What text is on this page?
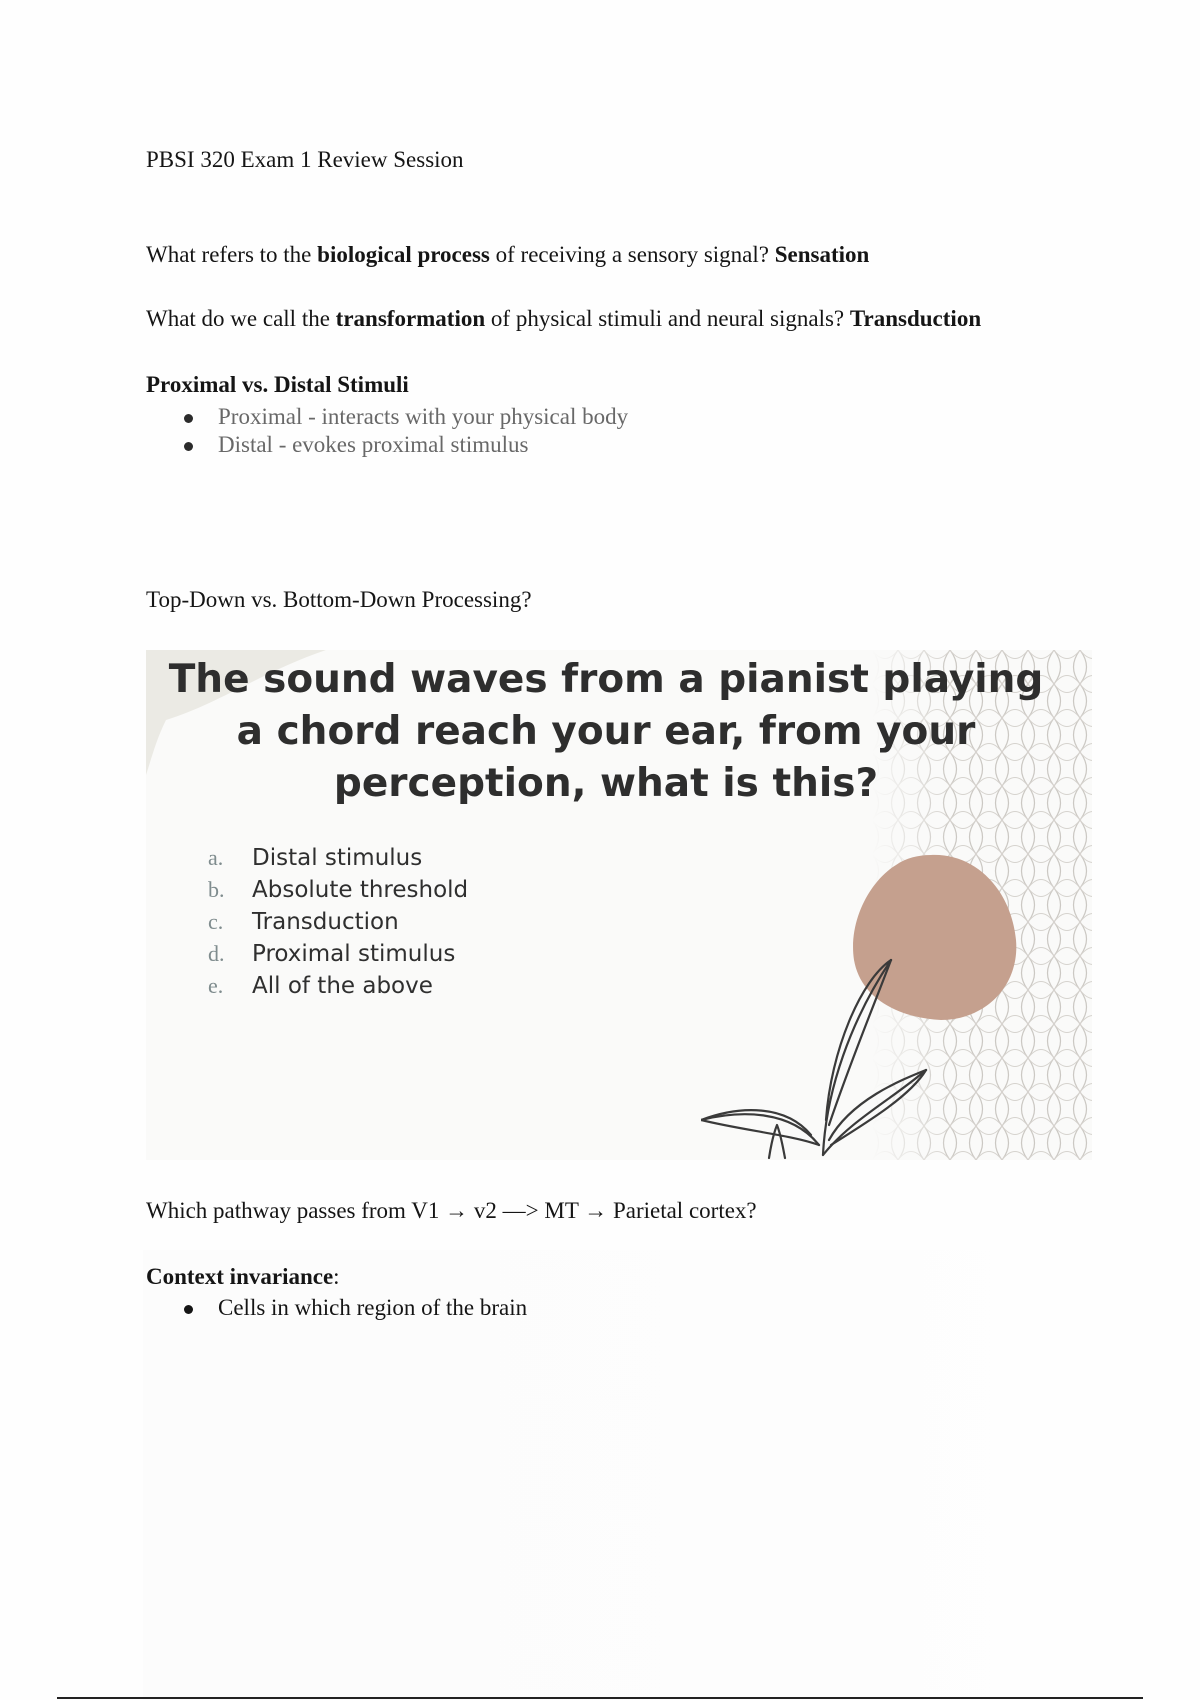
PBSI 320 Exam 1 Review Session
What refers to the biological process of receiving a sensory signal? Sensation
What do we call the transformation of physical stimuli and neural signals? Transduction
Proximal vs. Distal Stimuli
Proximal - interacts with your physical body
Distal - evokes proximal stimulus
Top-Down vs. Bottom-Down Processing?
The sound waves from a pianist playing a chord reach your ear, from your perception, what is this?
a.	Distal stimulus
b.	Absolute threshold
c.	Transduction
d.	Proximal stimulus
e.	All of the above
Which pathway passes from V1 → v2 —> MT → Parietal cortex?
Context invariance:
Cells in which region of the brain
